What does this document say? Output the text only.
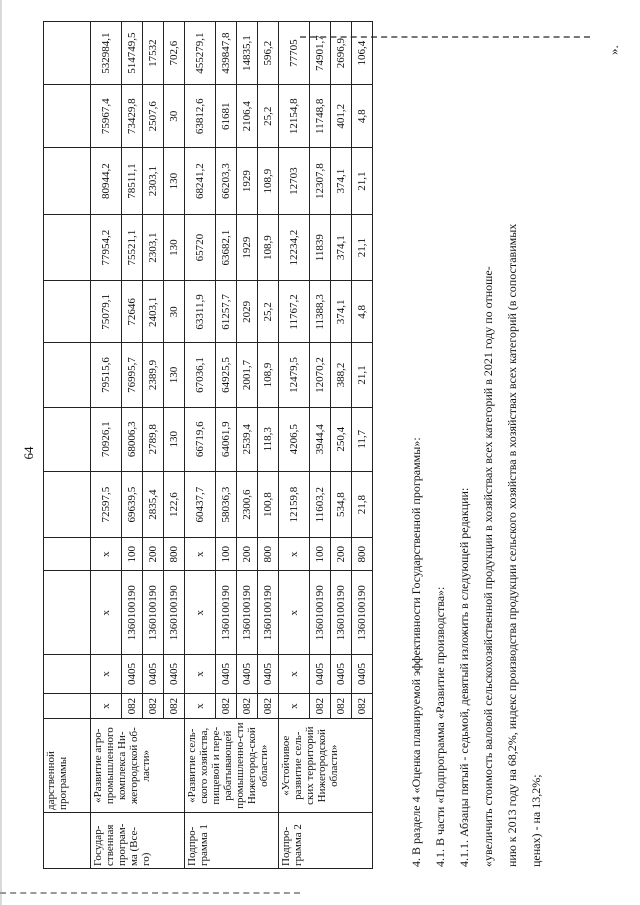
64
	дарственной программы												
Государ-ственная програм-ма (Все-го)	«Развитие агро-промышленного комплекса Ни-жегородской об-ласти»	х	х	х	х	72597,5	70926,1	79515,6	75079,1	77954,2	80944,2	75967,4	532984,1
		082	0405	1360100190	100	69639,5	68006,3	76995,7	72646	75521,1	78511,1	73429,8	514749,5
		082	0405	1360100190	200	2835,4	2789,8	2389,9	2403,1	2303,1	2303,1	2507,6	17532
		082	0405	1360100190	800	122,6	130	130	30	130	130	30	702,6
Подпро-грамма 1	«Развитие сель-ского хозяйства, пищевой и пере-рабатывающей промышленно-сти Нижегород-ской области»	х	х	х	х	60437,7	66719,6	67036,1	63311,9	65720	68241,2	63812,6	455279,1
		082	0405	1360100190	100	58036,3	64061,9	64925,5	61257,7	63682,1	66203,3	61681	439847,8
		082	0405	1360100190	200	2300,6	2539,4	2001,7	2029	1929	1929	2106,4	14835,1
		082	0405	1360100190	800	100,8	118,3	108,9	25,2	108,9	108,9	25,2	596,2
Подпро-грамма 2	«Устойчивое развитие сель-ских территорий Нижегородской области»	х	х	х	х	12159,8	4206,5	12479,5	11767,2	12234,2	12703	12154,8	77705
		082	0405	1360100190	100	11603,2	3944,4	12070,2	11388,3	11839	12307,8	11748,8	74901,7
		082	0405	1360100190	200	534,8	250,4	388,2	374,1	374,1	374,1	401,2	2696,9
		082	0405	1360100190	800	21,8	11,7	21,1	4,8	21,1	21,1	4,8	106,4	».

4. В разделе 4 «Оценка планируемой эффективности Государственной программы»: 4.1. В части «Подпрограмма «Развитие производства»: 4.1.1. Абзацы пятый - седьмой, девятый изложить в следующей редакции: «увеличить стоимость валовой сельскохозяйственной продукции в хозяйствах всех категорий в 2021 году по отноше- нию к 2013 году на 68,2%, индекс производства продукции сельского хозяйства в хозяйствах всех категорий (в сопоставимых ценах) - на 13,2%;
